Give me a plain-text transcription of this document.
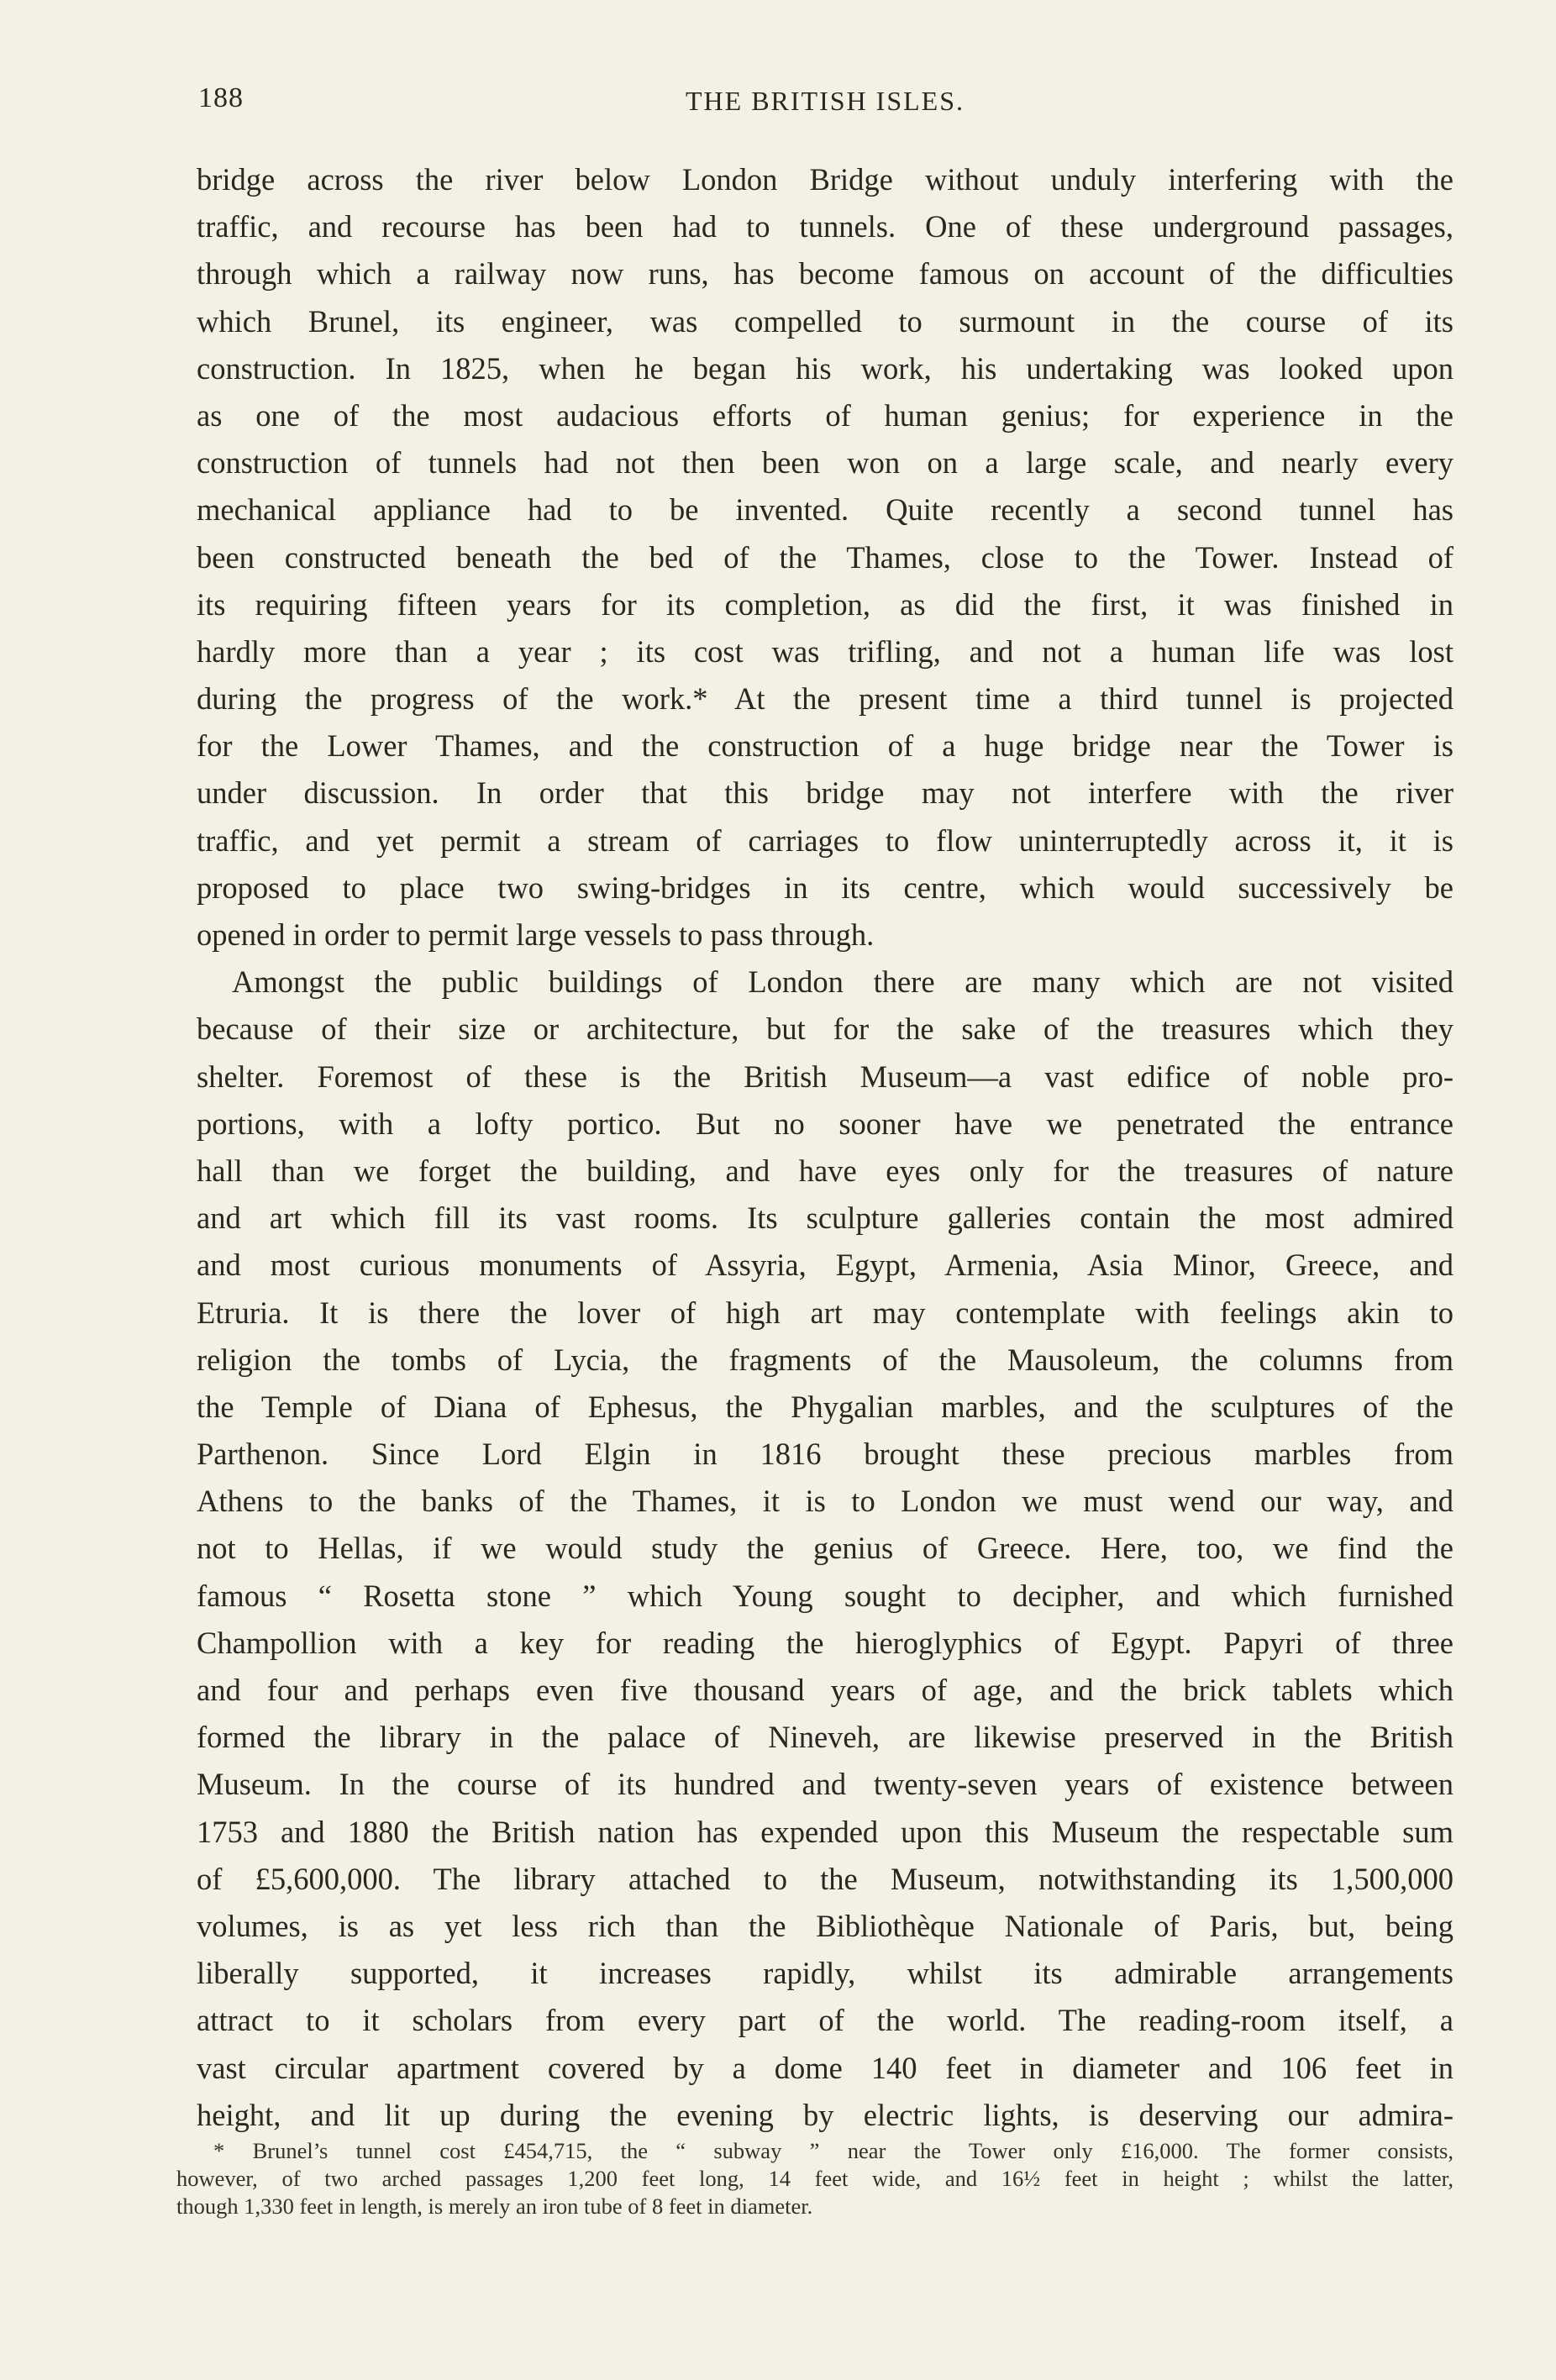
188	THE BRITISH ISLES.
bridge across the river below London Bridge without unduly interfering with the
traffic, and recourse has been had to tunnels. One of these underground passages,
through which a railway now runs, has become famous on account of the difficulties
which Brunel, its engineer, was compelled to surmount in the course of its
construction. In 1825, when he began his work, his undertaking was looked upon
as one of the most audacious efforts of human genius; for experience in the
construction of tunnels had not then been won on a large scale, and nearly every
mechanical appliance had to be invented. Quite recently a second tunnel has
been constructed beneath the bed of the Thames, close to the Tower. Instead of
its requiring fifteen years for its completion, as did the first, it was finished in
hardly more than a year ; its cost was trifling, and not a human life was lost
during the progress of the work.* At the present time a third tunnel is projected
for the Lower Thames, and the construction of a huge bridge near the Tower is
under discussion. In order that this bridge may not interfere with the river
traffic, and yet permit a stream of carriages to flow uninterruptedly across it, it is
proposed to place two swing-bridges in its centre, which would successively be
opened in order to permit large vessels to pass through.
Amongst the public buildings of London there are many which are not visited
because of their size or architecture, but for the sake of the treasures which they
shelter. Foremost of these is the British Museum—a vast edifice of noble pro-
portions, with a lofty portico. But no sooner have we penetrated the entrance
hall than we forget the building, and have eyes only for the treasures of nature
and art which fill its vast rooms. Its sculpture galleries contain the most admired
and most curious monuments of Assyria, Egypt, Armenia, Asia Minor, Greece, and
Etruria. It is there the lover of high art may contemplate with feelings akin to
religion the tombs of Lycia, the fragments of the Mausoleum, the columns from
the Temple of Diana of Ephesus, the Phygalian marbles, and the sculptures of the
Parthenon. Since Lord Elgin in 1816 brought these precious marbles from
Athens to the banks of the Thames, it is to London we must wend our way, and
not to Hellas, if we would study the genius of Greece. Here, too, we find the
famous “ Rosetta stone ” which Young sought to decipher, and which furnished
Champollion with a key for reading the hieroglyphics of Egypt. Papyri of three
and four and perhaps even five thousand years of age, and the brick tablets which
formed the library in the palace of Nineveh, are likewise preserved in the British
Museum. In the course of its hundred and twenty-seven years of existence between
1753 and 1880 the British nation has expended upon this Museum the respectable sum
of £5,600,000. The library attached to the Museum, notwithstanding its 1,500,000
volumes, is as yet less rich than the Bibliothèque Nationale of Paris, but, being
liberally supported, it increases rapidly, whilst its admirable arrangements
attract to it scholars from every part of the world. The reading-room itself, a
vast circular apartment covered by a dome 140 feet in diameter and 106 feet in
height, and lit up during the evening by electric lights, is deserving our admira-
* Brunel’s tunnel cost £454,715, the “ subway ” near the Tower only £16,000. The former consists,
however, of two arched passages 1,200 feet long, 14 feet wide, and 16½ feet in height ; whilst the latter,
though 1,330 feet in length, is merely an iron tube of 8 feet in diameter.
